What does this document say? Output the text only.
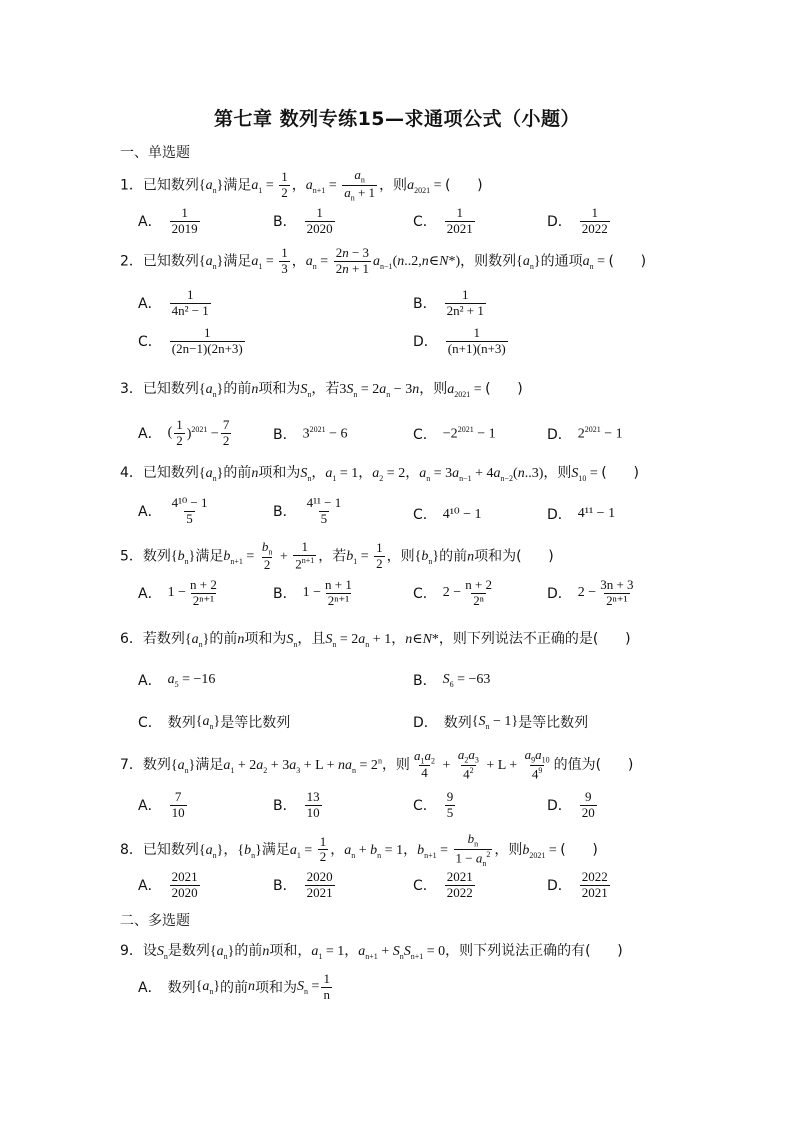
第七章 数列专练15—求通项公式（小题）
一、单选题
1．已知数列$\{a_n\}$满足$a_1 = \frac{1}{2}$ ，$a_{n+1} = \frac{a_n}{a_n + 1}$ ，则$a_{2021}$ = (      )
A． $\frac{1}{2019}$	B． $\frac{1}{2020}$	C． $\frac{1}{2021}$	D． $\frac{1}{2022}$
2．已知数列$\{a_n\}$满足$a_1 = \frac{1}{3}$ ，$a_n = \frac{2n - 3}{2n + 1}$ $a_{n-1}(n..2,n\in N*)$，则数列$\{a_n\}$的通项$a_n$ = (      )
A． $\frac{1}{\text{4n² − 1}}$	B． $\frac{1}{\text{2n² + 1}}$
C． $\frac{1}{(2n-1)(2n+3)}$	D． $\frac{1}{(n+1)(n+3)}$
3．已知数列$\{a_n\}$的前n项和为$S_n$，若$3S_n = 2a_n - 3n$，则$a_{2021}$ = (      )
A． ( $\frac{1}{2} )^{2021} - \frac{7}{2}$	B． $3^{2021} - 6$	C． $-2^{2021} - 1$	D． $2^{2021} - 1$
4．已知数列$\{a_n\}$的前n项和为$S_n$，$a_1 = 1$，$a_2 = 2$，$a_n = 3a_{n-1} + 4a_{n-2}(n..3)$，则$S_{10}$ = (      )
A． $\frac{\text{4¹⁰ − 1}}{5}$	B． $\frac{\text{4¹¹ − 1}}{5}$	C． 4¹⁰ − 1	D． 4¹¹ − 1
5．数列$\{b_n\}$满足$b_{n+1} = \frac{b_n}{2} + \frac{1}{2^{n+1}}$ ，若$b_1 = \frac{1}{2}$ ，则$\{b_n\}$的前n项和为(      )
A． $1 - \frac{n + 2}{\text{2ⁿ⁺¹}}$	B． $1 - \frac{n + 1}{\text{2ⁿ⁺¹}}$	C． $2 - \frac{n + 2}{\text{2ⁿ}}$	D． $2 - \frac{3n + 3}{\text{2ⁿ⁺¹}}$
6．若数列$\{a_n\}$的前n项和为$S_n$，且$S_n = 2a_n + 1$，n∈N*，则下列说法不正确的是(      )
A． $a_5 = -16$	B． $S_6 = -63$
C． 数列 $\{a_n\}$ 是等比数列	D． 数列 $\{S_n - 1\}$ 是等比数列
7．数列$\{a_n\}$满足$a_1 + 2a_2 + 3a_3 + L + na_n = 2^n$，则 $\frac{a_1a_2}{4} + \frac{a_2a_3}{4^2} + L + \frac{a_9a_{10}}{4^9}$ 的值为(      )
A． $\frac{7}{10}$	B． $\frac{13}{10}$	C． $\frac{9}{5}$	D． $\frac{9}{20}$
8．已知数列$\{a_n\}$，$\{b_n\}$满足$a_1 = \frac{1}{2}$ ，$a_n + b_n = 1$，$b_{n+1} = \frac{b_n}{1 - a_n^2}$ ，则$b_{2021}$ = (      )
A． $\frac{2021}{2020}$	B． $\frac{2020}{2021}$	C． $\frac{2021}{2022}$	D． $\frac{2022}{2021}$
二、多选题
9．设$S_n$是数列$\{a_n\}$的前n项和，$a_1 = 1$，$a_{n+1} + S_nS_{n+1} = 0$，则下列说法正确的有(      )
A． 数列 $\{a_n\}$ 的前 n 项和为 $S_n = \frac{1}{n}$
